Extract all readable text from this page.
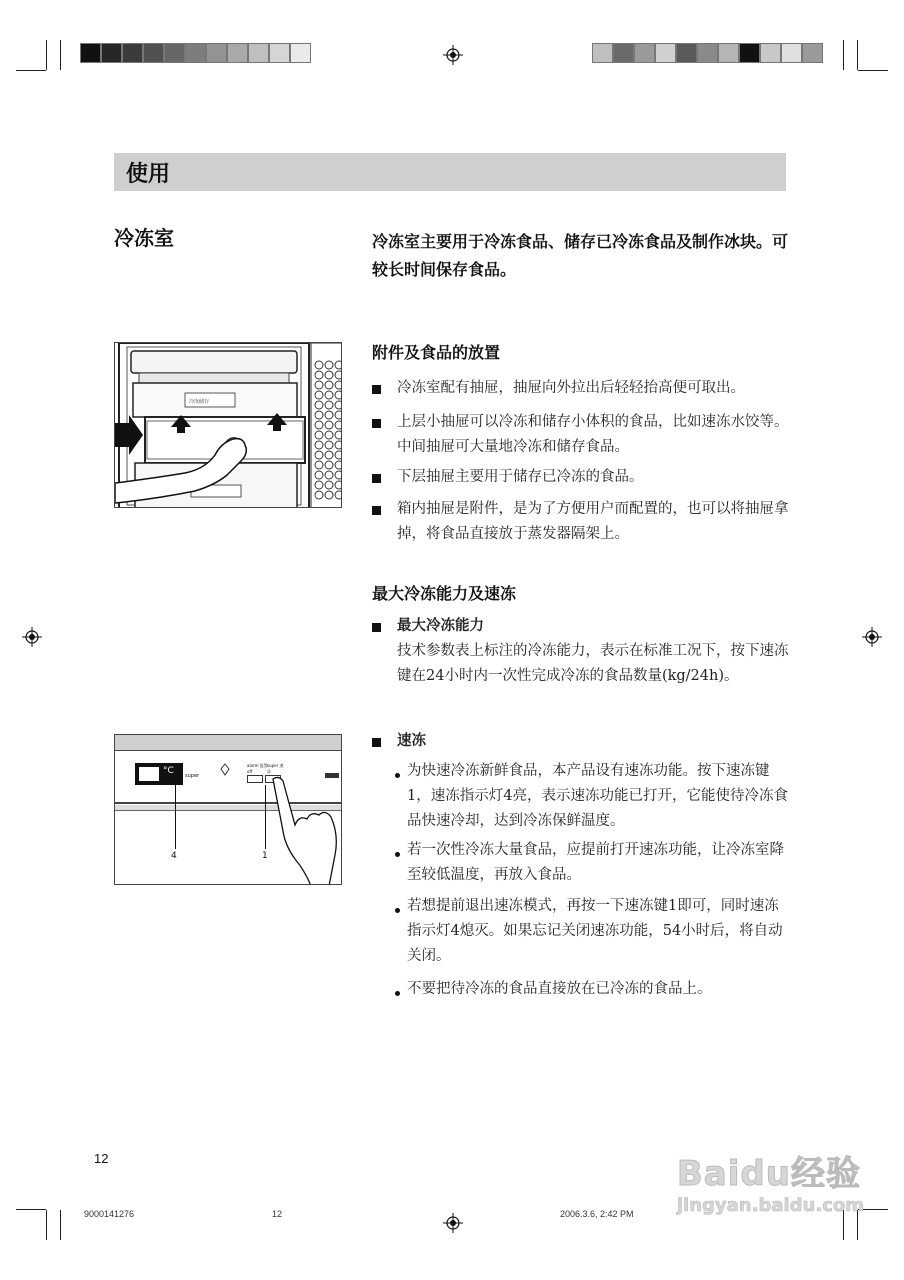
使用
冷冻室	冷冻室主要用于冷冻食品、储存已冷冻食品及制作冰块。可较长时间保存食品。
冷冻储存
附件及食品的放置
冷冻室配有抽屉，抽屉向外拉出后轻轻抬高便可取出。
上层小抽屉可以冷冻和储存小体积的食品，比如速冻水饺等。中间抽屉可大量地冷冻和储存食品。
下层抽屉主要用于储存已冷冻的食品。
箱内抽屉是附件，是为了方便用户而配置的，也可以将抽屉拿掉，将食品直接放于蒸发器隔架上。
最大冷冻能力及速冻
最大冷冻能力
技术参数表上标注的冷冻能力，表示在标准工况下，按下速冻键在24小时内一次性完成冷冻的食品数量(kg/24h)。
°C super
alarm 报警off
super 速冻
4	1
速冻
为快速冷冻新鲜食品，本产品设有速冻功能。按下速冻键1，速冻指示灯4亮，表示速冻功能已打开，它能使待冷冻食品快速冷却，达到冷冻保鲜温度。
若一次性冷冻大量食品，应提前打开速冻功能，让冷冻室降至较低温度，再放入食品。
若想提前退出速冻模式，再按一下速冻键1即可，同时速冻指示灯4熄灭。如果忘记关闭速冻功能，54小时后，将自动关闭。
不要把待冷冻的食品直接放在已冷冻的食品上。
12
9000141276	12	2006.3.6, 2:42 PM
Baidu经验
jingyan.baidu.com
